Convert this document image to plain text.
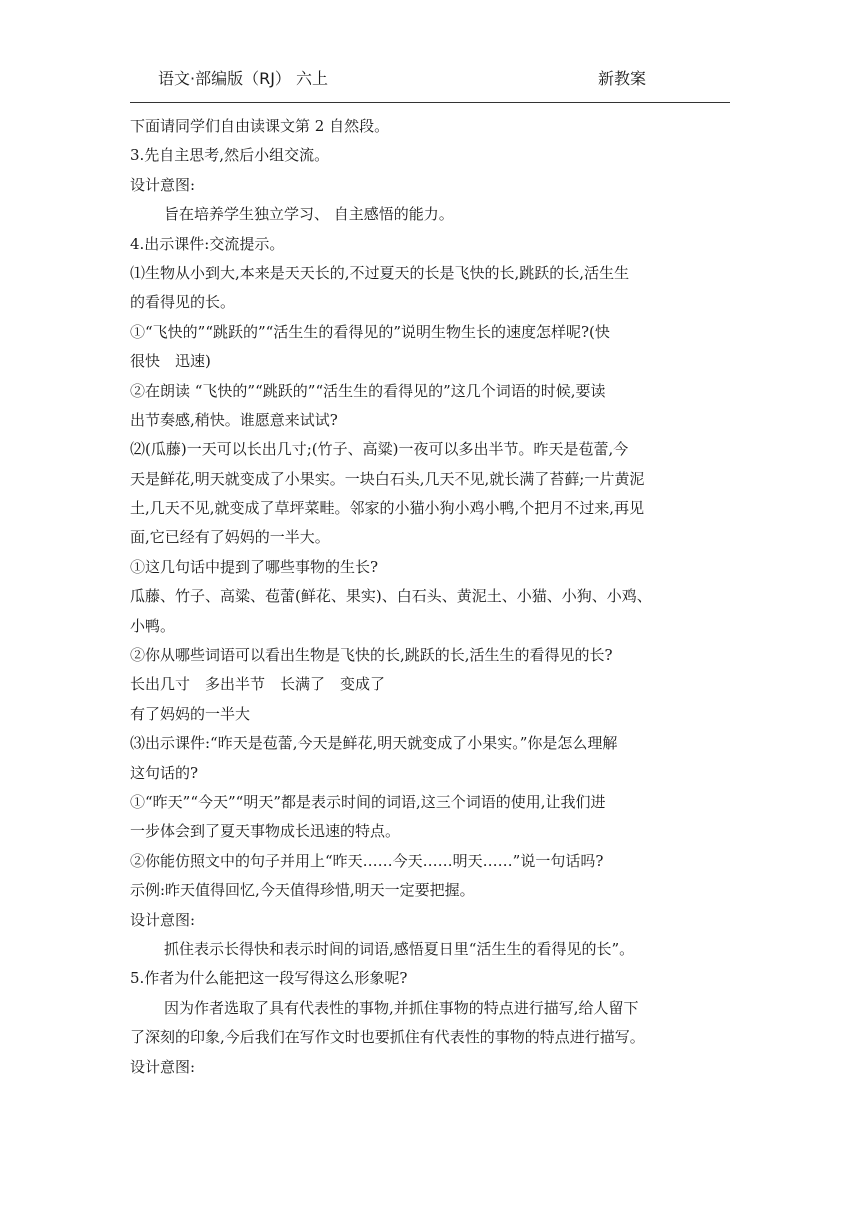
语文·部编版（RJ） 六上	新教案
下面请同学们自由读课文第 2 自然段。
3.先自主思考,然后小组交流。
设计意图:
旨在培养学生独立学习、 自主感悟的能力。
4.出示课件:交流提示。
⑴生物从小到大,本来是天天长的,不过夏天的长是飞快的长,跳跃的长,活生生
的看得见的长。
①“飞快的”“跳跃的”“活生生的看得见的”说明生物生长的速度怎样呢?(快
很快　迅速)
②在朗读 “飞快的”“跳跃的”“活生生的看得见的”这几个词语的时候,要读
出节奏感,稍快。谁愿意来试试?
⑵(瓜藤)一天可以长出几寸;(竹子、高粱)一夜可以多出半节。昨天是苞蕾,今
天是鲜花,明天就变成了小果实。一块白石头,几天不见,就长满了苔藓;一片黄泥
土,几天不见,就变成了草坪菜畦。邻家的小猫小狗小鸡小鸭,个把月不过来,再见
面,它已经有了妈妈的一半大。
①这几句话中提到了哪些事物的生长?
瓜藤、竹子、高粱、苞蕾(鲜花、果实)、白石头、黄泥土、小猫、小狗、小鸡、
小鸭。
②你从哪些词语可以看出生物是飞快的长,跳跃的长,活生生的看得见的长?
长出几寸　多出半节　长满了　变成了
有了妈妈的一半大
⑶出示课件:“昨天是苞蕾,今天是鲜花,明天就变成了小果实。”你是怎么理解
这句话的?
①“昨天”“今天”“明天”都是表示时间的词语,这三个词语的使用,让我们进
一步体会到了夏天事物成长迅速的特点。
②你能仿照文中的句子并用上“昨天……今天……明天……”说一句话吗?
示例:昨天值得回忆,今天值得珍惜,明天一定要把握。
设计意图:
抓住表示长得快和表示时间的词语,感悟夏日里“活生生的看得见的长”。
5.作者为什么能把这一段写得这么形象呢?
因为作者选取了具有代表性的事物,并抓住事物的特点进行描写,给人留下
了深刻的印象,今后我们在写作文时也要抓住有代表性的事物的特点进行描写。
设计意图:
